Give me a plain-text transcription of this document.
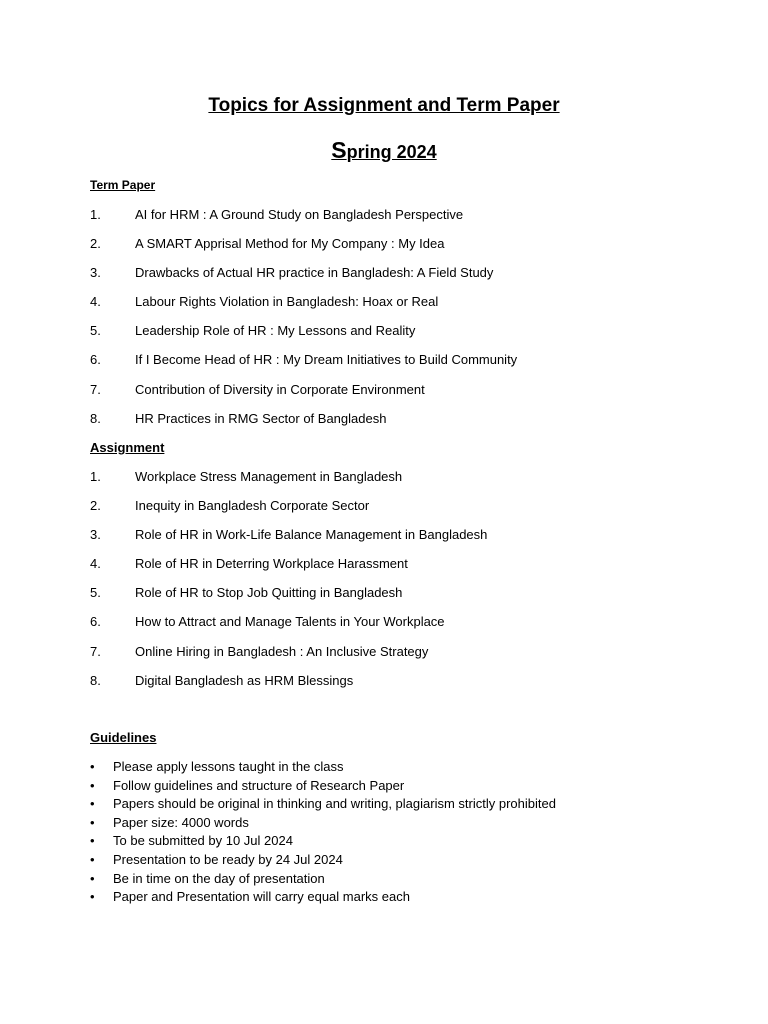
Topics for Assignment and Term Paper
Spring 2024
Term Paper
1.	AI for HRM : A Ground Study on Bangladesh Perspective
2.	A SMART Apprisal Method for My Company : My Idea
3.	Drawbacks of Actual HR practice in Bangladesh: A Field Study
4.	Labour Rights Violation in Bangladesh: Hoax or Real
5.	Leadership Role of HR : My Lessons and Reality
6.	If I Become Head of HR : My Dream Initiatives to Build Community
7.	Contribution of Diversity in Corporate Environment
8.	HR Practices in RMG Sector of Bangladesh
Assignment
1.	Workplace Stress Management in Bangladesh
2.	Inequity in Bangladesh Corporate Sector
3.	Role of HR in Work-Life Balance Management in Bangladesh
4.	Role of HR in Deterring Workplace Harassment
5.	Role of HR to Stop Job Quitting in Bangladesh
6.	How to Attract and Manage Talents in Your Workplace
7.	Online Hiring in Bangladesh : An Inclusive Strategy
8.	Digital Bangladesh as HRM Blessings
Guidelines
• Please apply lessons taught in the class
• Follow guidelines and structure of Research Paper
• Papers should be original in thinking and writing, plagiarism strictly prohibited
• Paper size: 4000 words
• To be submitted by 10 Jul 2024
• Presentation to be ready by 24 Jul 2024
• Be in time on the day of presentation
• Paper and Presentation will carry equal marks each
